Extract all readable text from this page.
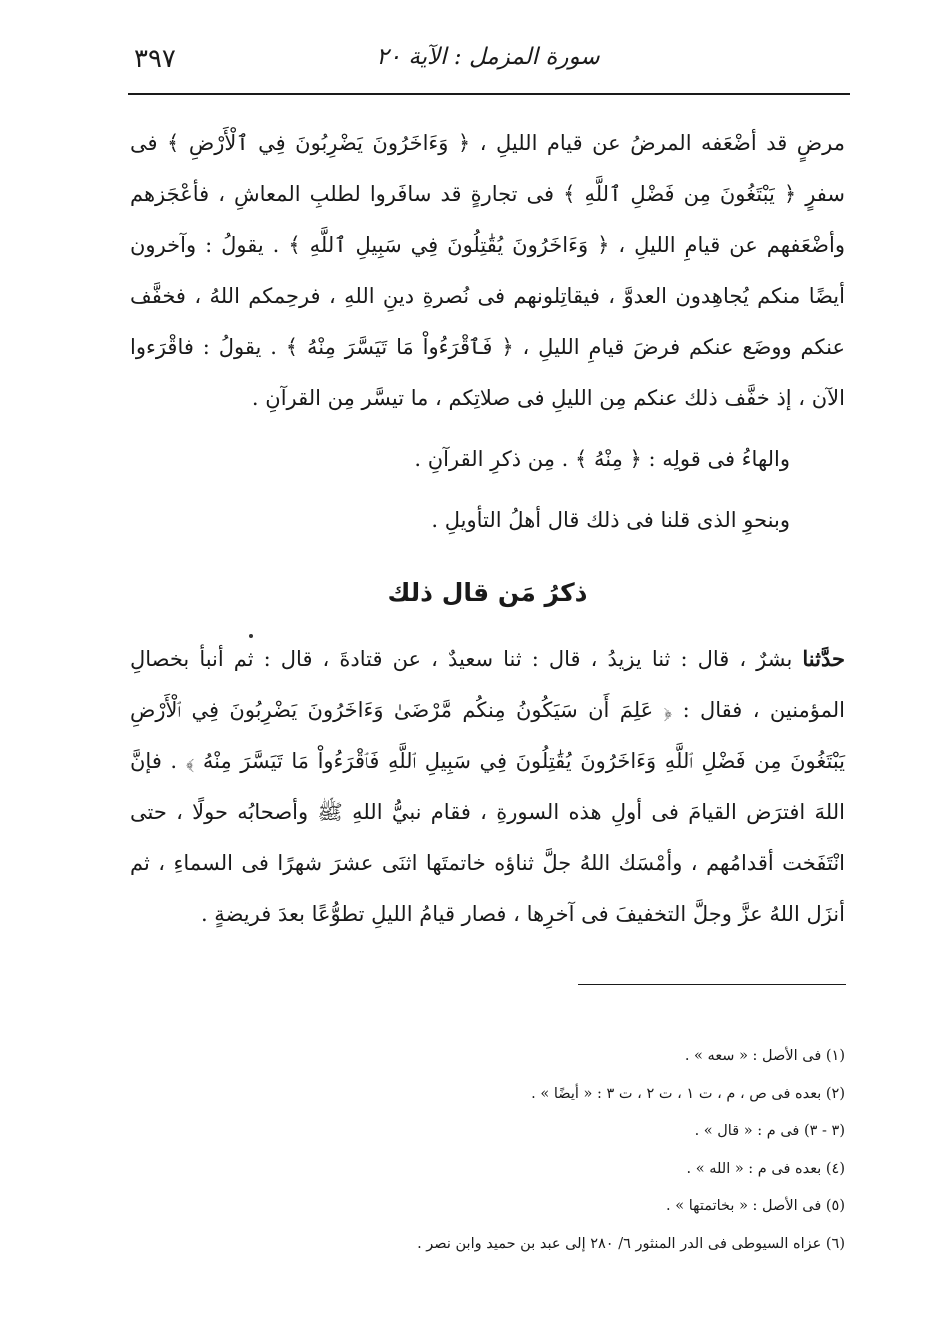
٣٩٧	سورة المزمل : الآية ٢٠

مرضٍ قد أضْعَفه المرضُ عن قيام الليلِ ، ﴿ وَءَاخَرُونَ يَضْرِبُونَ فِي ٱلْأَرْضِ ﴾ فى سفرٍ ﴿ يَبْتَغُونَ مِن فَضْلِ ٱللَّهِ ﴾ فى تجارةٍ قد سافَروا لطلبِ المعاشِ ، فأعْجَزهم وأضْعَفهم عن قيامِ الليلِ ، ﴿ وَءَاخَرُونَ يُقَٰتِلُونَ فِي سَبِيلِ ٱللَّهِ ﴾ . يقولُ : وآخرون أيضًا منكم يُجاهِدون العدوَّ ، فيقاتِلونهم فى نُصرةِ دينِ اللهِ ، فرحِمكم اللهُ ، فخفَّف عنكم ووضَع عنكم فرضَ قيامِ الليلِ ، ﴿ فَٱقْرَءُواْ مَا تَيَسَّرَ مِنْهُ ﴾ . يقولُ : فاقْرَءوا الآن ، إذ خفَّف ذلك عنكم مِن الليلِ فى صلاتِكم ، ما تيسَّر مِن القرآنِ .

والهاءُ فى قولِه : ﴿ مِنْهُ ﴾ . مِن ذكرِ القرآنِ .

وبنحوِ الذى قلنا فى ذلك قال أهلُ التأويلِ .

ذكرُ مَن قال ذلك

حدَّثنا بشرٌ ، قال : ثنا يزيدُ ، قال : ثنا سعيدٌ ، عن قتادةَ ، قال : ثم أنبأ بخصالِ المؤمنين ، فقال : ﴿ عَلِمَ أَن سَيَكُونُ مِنكُم مَّرْضَىٰ وَءَاخَرُونَ يَضْرِبُونَ فِي ٱلْأَرْضِ يَبْتَغُونَ مِن فَضْلِ ٱللَّهِ وَءَاخَرُونَ يُقَٰتِلُونَ فِي سَبِيلِ ٱللَّهِ فَٱقْرَءُواْ مَا تَيَسَّرَ مِنْهُ ﴾ . فإنَّ اللهَ افترَض القيامَ فى أولِ هذه السورةِ ، فقام نبيُّ اللهِ ﷺ وأصحابُه حولًا ، حتى انْتَفَخت أقدامُهم ، وأمْسَك اللهُ جلَّ ثناؤه خاتمتَها اثنَى عشرَ شهرًا فى السماءِ ، ثم أنزَل اللهُ عزَّ وجلَّ التخفيفَ فى آخرِها ، فصار قيامُ الليلِ تطوُّعًا بعدَ فريضةٍ .

(١) فى الأصل : « سعه » .
(٢) بعده فى ص ، م ، ت ١ ، ت ٢ ، ت ٣ : « أيضًا » .
(٣ - ٣) فى م : « قال » .
(٤) بعده فى م : « الله » .
(٥) فى الأصل : « بخاتمتها » .
(٦) عزاه السيوطى فى الدر المنثور ٦/ ٢٨٠ إلى عبد بن حميد وابن نصر .
